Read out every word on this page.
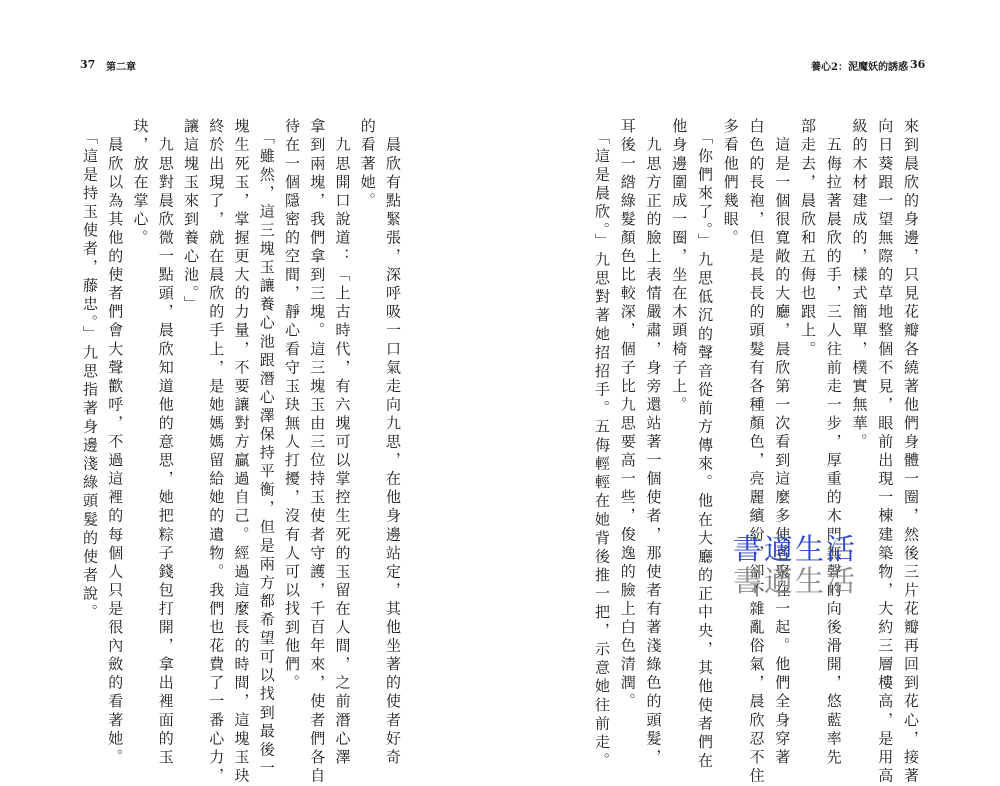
37 第二章
　晨欣有點緊張，深呼吸一口氣走向九思，在他身邊站定，其他坐著的使者好奇
的看著她。
　九思開口說道：「上古時代，有六塊可以掌控生死的玉留在人間，之前潛心澤
拿到兩塊，我們拿到三塊。這三塊玉由三位持玉使者守護，千百年來，使者們各自
待在一個隱密的空間，靜心看守玉玦無人打擾，沒有人可以找到他們。
　「雖然，這三塊玉讓養心池跟潛心澤保持平衡，但是兩方都希望可以找到最後一
塊生死玉，掌握更大的力量，不要讓對方贏過自己。經過這麼長的時間，這塊玉玦
終於出現了，就在晨欣的手上，是她媽媽留給她的遺物。我們也花費了一番心力，
讓這塊玉來到養心池。」
　九思對晨欣微一點頭，晨欣知道他的意思，她把粽子錢包打開，拿出裡面的玉
玦，放在掌心。
　晨欣以為其他的使者們會大聲歡呼，不過這裡的每個人只是很內斂的看著她。
　「這是持玉使者，藤忠。」九思指著身邊淺綠頭髮的使者說。
養心2：泥魔妖的誘惑 36
來到晨欣的身邊，只見花瓣各繞著他們身體一圈，然後三片花瓣再回到花心，接著
向日葵跟一望無際的草地整個不見，眼前出現一棟建築物，大約三層樓高，是用高
級的木材建成的，樣式簡單，樸實無華。
　五侮拉著晨欣的手，三人往前走一步，厚重的木門無聲的向後滑開，悠藍率先
部走去，晨欣和五侮也跟上。
　這是一個很寬敞的大廳，晨欣第一次看到這麼多使者聚在一起。他們全身穿著
白色的長袍，但是長長的頭髮有各種顏色，亮麗繽紛，卻不雜亂俗氣，晨欣忍不住
多看他們幾眼。
　「你們來了。」九思低沉的聲音從前方傳來。他在大廳的正中央，其他使者們在
他身邊圍成一圈，坐在木頭椅子上。
　九思方正的臉上表情嚴肅，身旁還站著一個使者，那使者有著淺綠色的頭髮，
耳後一綹綠髮顏色比較深，個子比九思要高一些，俊逸的臉上白色清潤。
　「這是晨欣。」九思對著她招招手。五侮輕輕在她背後推一把，示意她往前走。	書適生活
書適生活
